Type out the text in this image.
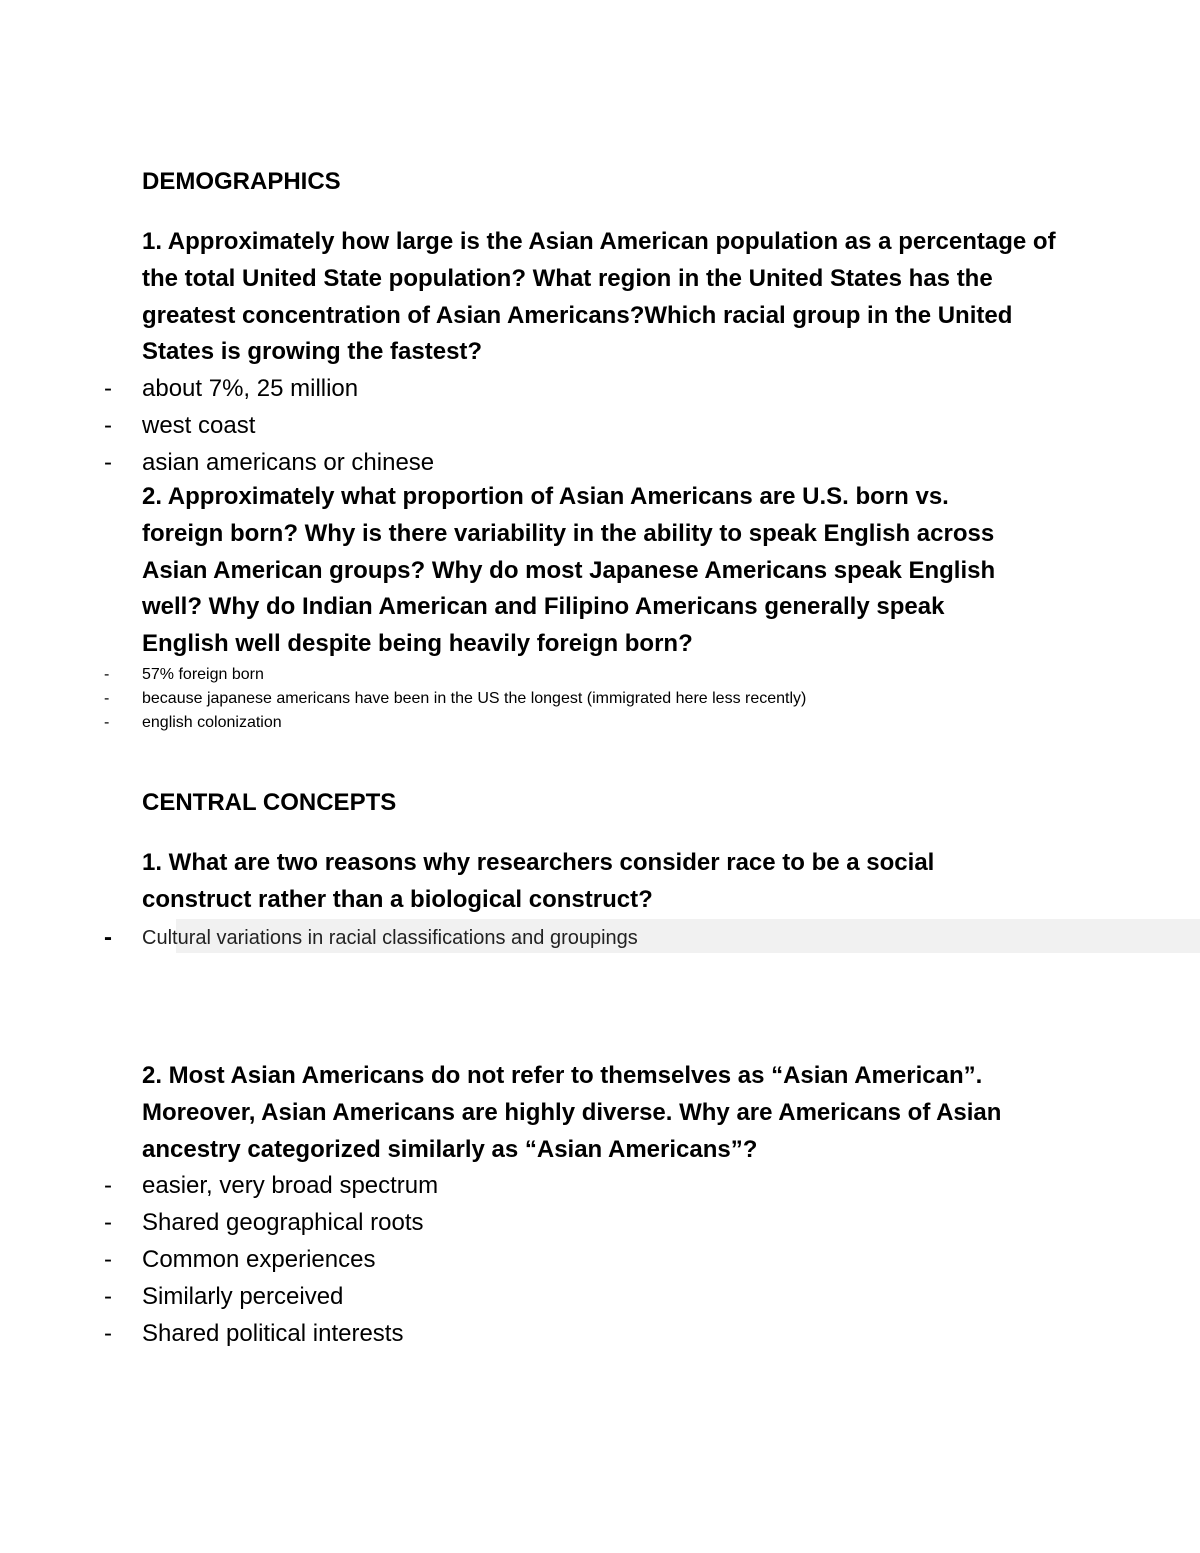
DEMOGRAPHICS

1. Approximately how large is the Asian American population as a percentage of the total United State population? What region in the United States has the greatest concentration of Asian Americans?Which racial group in the United States is growing the fastest?

- about 7%, 25 million
- west coast
- asian americans or chinese

2. Approximately what proportion of Asian Americans are U.S. born vs. foreign born? Why is there variability in the ability to speak English across Asian American groups? Why do most Japanese Americans speak English well? Why do Indian American and Filipino Americans generally speak English well despite being heavily foreign born?

- 57% foreign born
- because japanese americans have been in the US the longest (immigrated here less recently)
- english colonization
CENTRAL CONCEPTS

1. What are two reasons why researchers consider race to be a social construct rather than a biological construct?

- Cultural variations in racial classifications and groupings

2. Most Asian Americans do not refer to themselves as “Asian American”. Moreover, Asian Americans are highly diverse. Why are Americans of Asian ancestry categorized similarly as “Asian Americans”?

- easier, very broad spectrum
- Shared geographical roots
- Common experiences
- Similarly perceived
- Shared political interests
